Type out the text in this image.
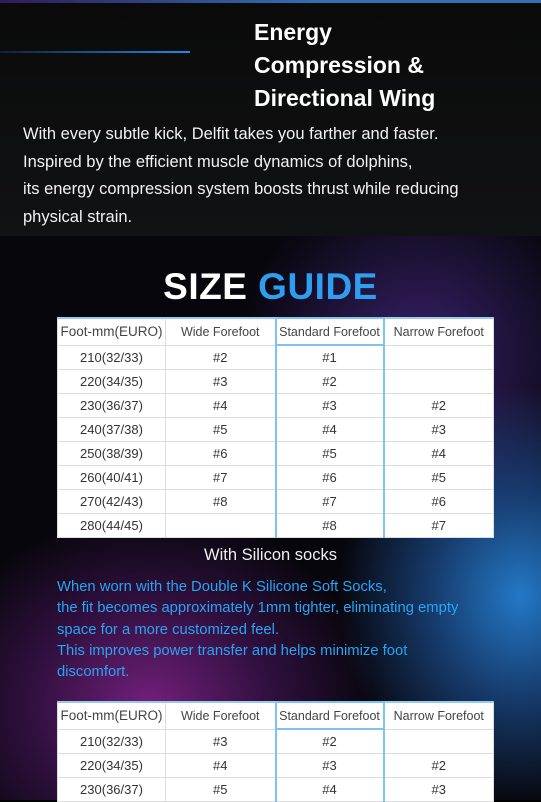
Energy
Compression &
Directional Wing
With every subtle kick, Delfit takes you farther and faster.
Inspired by the efficient muscle dynamics of dolphins,
its energy compression system boosts thrust while reducing
physical strain.
SIZE GUIDE
Foot-mm(EURO)	Wide Forefoot	Standard Forefoot	Narrow Forefoot
210(32/33)	#2	#1	
220(34/35)	#3	#2	
230(36/37)	#4	#3	#2
240(37/38)	#5	#4	#3
250(38/39)	#6	#5	#4
260(40/41)	#7	#6	#5
270(42/43)	#8	#7	#6
280(44/45)		#8	#7
With Silicon socks
When worn with the Double K Silicone Soft Socks,
the fit becomes approximately 1mm tighter, eliminating empty
space for a more customized feel.
This improves power transfer and helps minimize foot
discomfort.
Foot-mm(EURO)	Wide Forefoot	Standard Forefoot	Narrow Forefoot
210(32/33)	#3	#2	
220(34/35)	#4	#3	#2
230(36/37)	#5	#4	#3
